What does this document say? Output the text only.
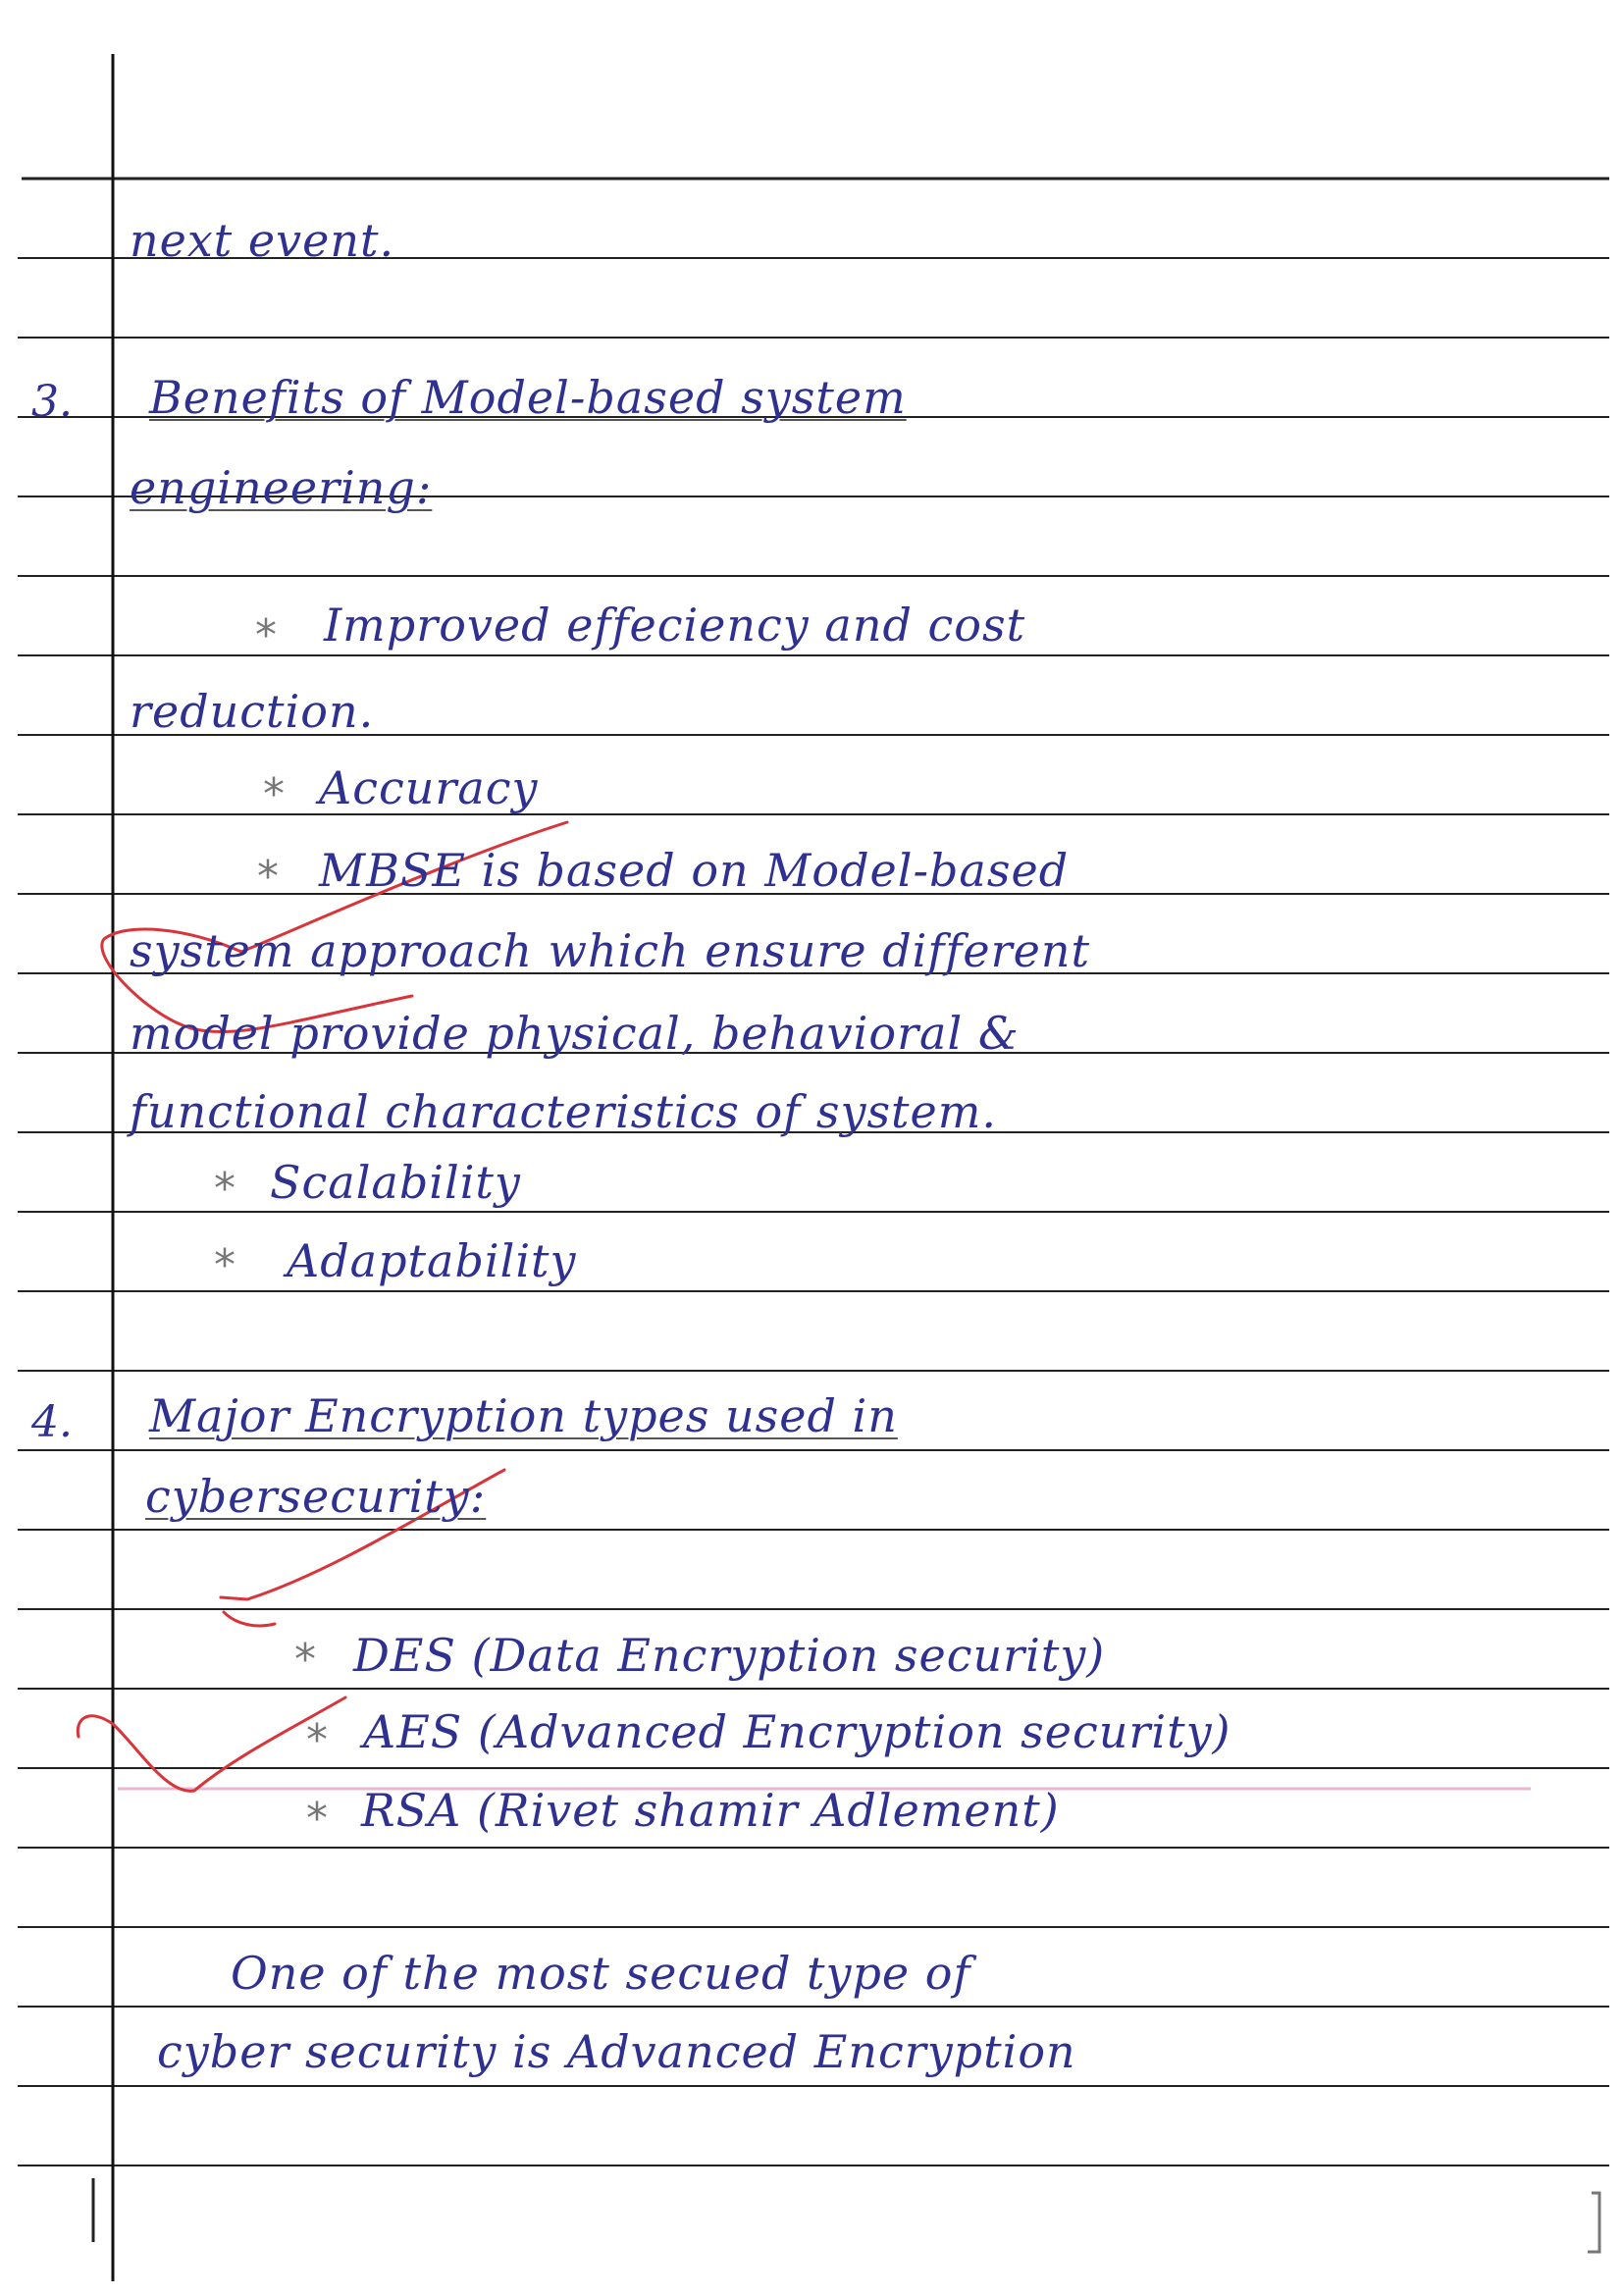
next event.
3. Benefits of Model-based system
engineering:
* Improved effeciency and cost
reduction.
* Accuracy
* MBSE is based on Model-based
system approach which ensure different
model provide physical, behavioral &
functional characteristics of system.
* Scalability
* Adaptability
4. Major Encryption types used in
cybersecurity:
* DES (Data Encryption security)
* AES (Advanced Encryption security)
* RSA (Rivet shamir Adlement)
One of the most secued type of
cyber security is Advanced Encryption
